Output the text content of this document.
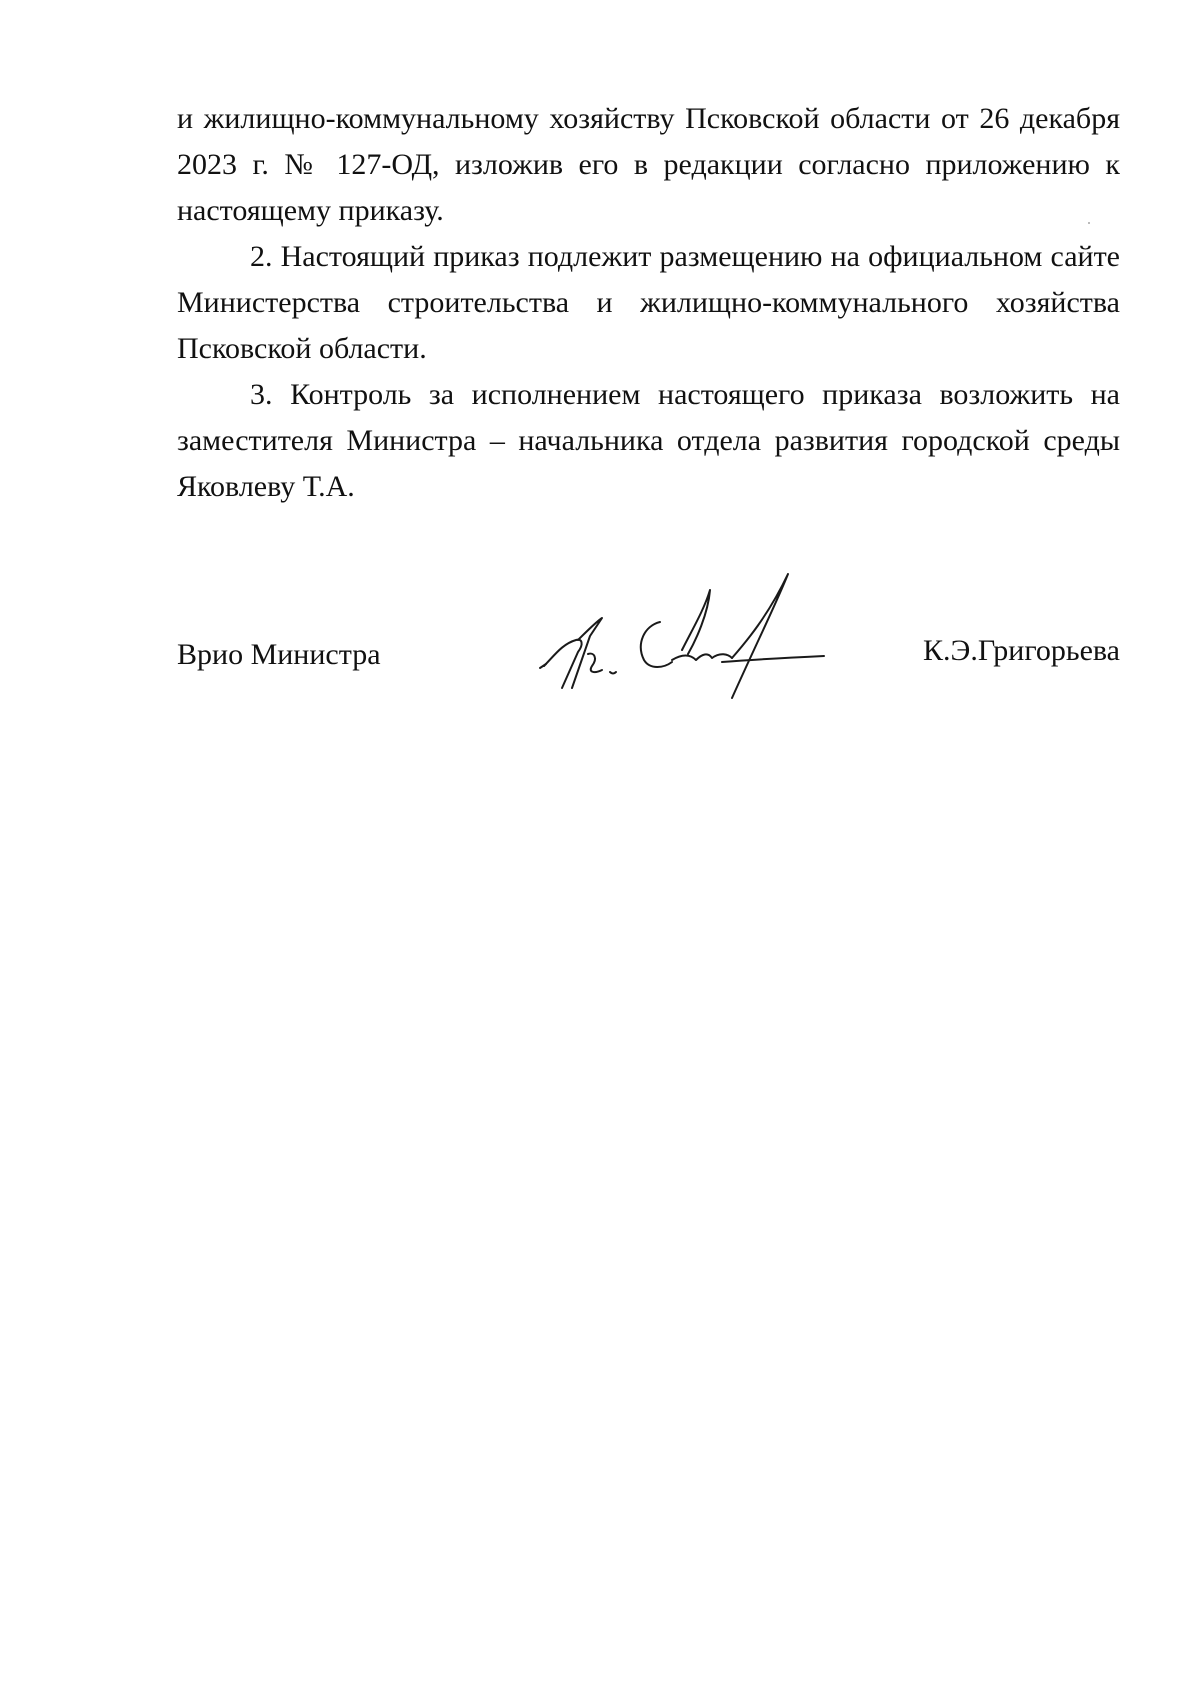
и жилищно-коммунальному хозяйству Псковской области от 26 декабря 2023 г. № 127-ОД, изложив его в редакции согласно приложению к настоящему приказу.

2. Настоящий приказ подлежит размещению на официальном сайте Министерства строительства и жилищно-коммунального хозяйства Псковской области.

3. Контроль за исполнением настоящего приказа возложить на заместителя Министра – начальника отдела развития городской среды Яковлеву Т.А.

Врио Министра	К.Э.Григорьева
